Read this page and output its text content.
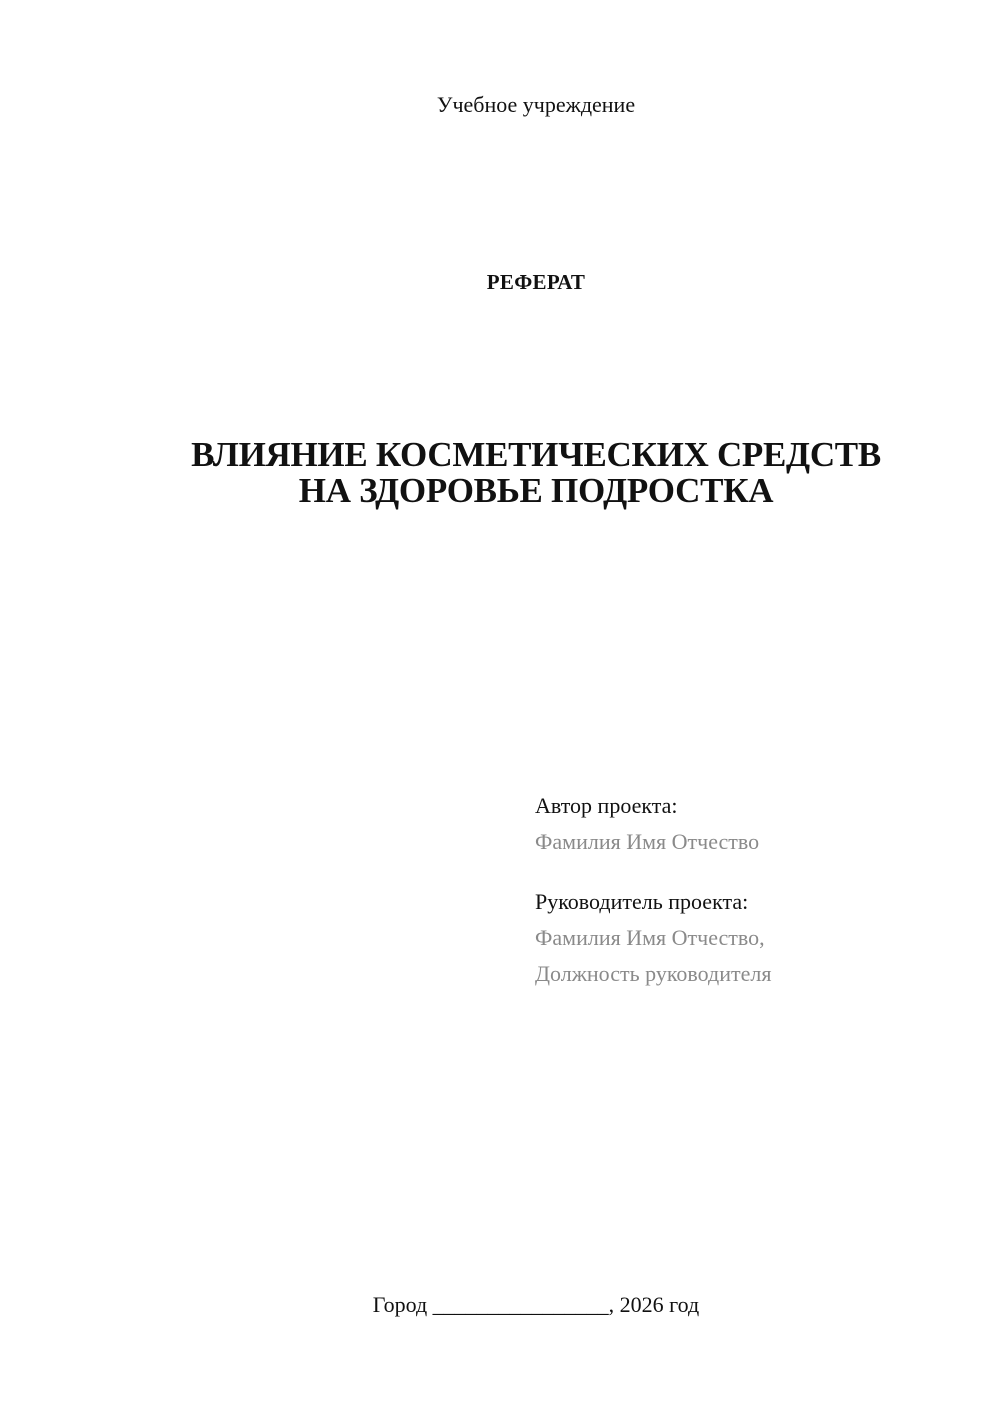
Учебное учреждение
РЕФЕРАТ
ВЛИЯНИЕ КОСМЕТИЧЕСКИХ СРЕДСТВ
НА ЗДОРОВЬЕ ПОДРОСТКА
Автор проекта:
Фамилия Имя Отчество
Руководитель проекта:
Фамилия Имя Отчество,
Должность руководителя
Город ________________, 2026 год
